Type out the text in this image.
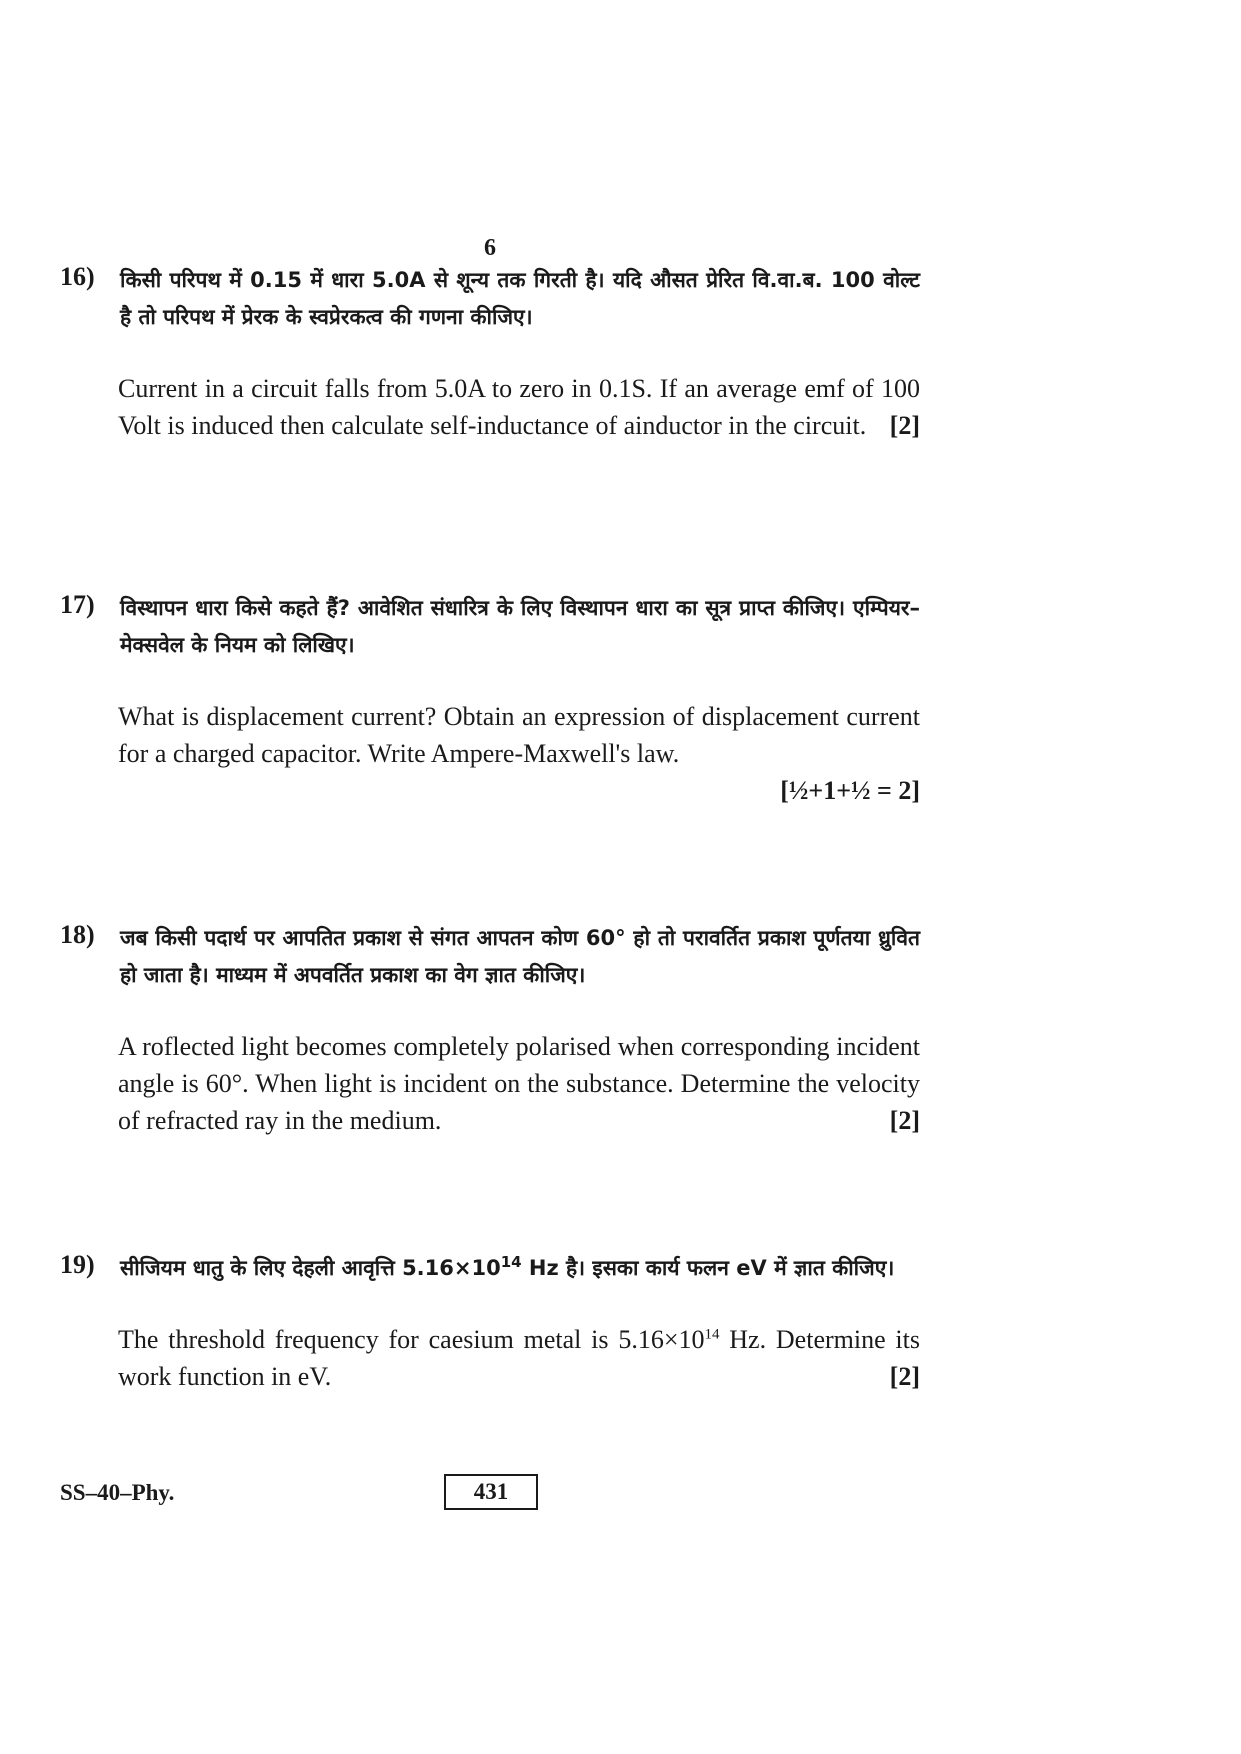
6
16) किसी परिपथ में 0.15 में धारा 5.0A से शून्य तक गिरती है। यदि औसत प्रेरित वि.वा.ब. 100 वोल्ट है तो परिपथ में प्रेरक के स्वप्रेरकत्व की गणना कीजिए।
Current in a circuit falls from 5.0A to zero in 0.1S. If an average emf of 100 Volt is induced then calculate self-inductance of ainductor in the circuit. [2]
17) विस्थापन धारा किसे कहते हैं? आवेशित संधारित्र के लिए विस्थापन धारा का सूत्र प्राप्त कीजिए। एम्पियर–मेक्सवेल के नियम को लिखिए।
What is displacement current? Obtain an expression of displacement current for a charged capacitor. Write Ampere-Maxwell's law.
[½+1+½ = 2]
18) जब किसी पदार्थ पर आपतित प्रकाश से संगत आपतन कोण 60° हो तो परावर्तित प्रकाश पूर्णतया ध्रुवित हो जाता है। माध्यम में अपवर्तित प्रकाश का वेग ज्ञात कीजिए।
A roflected light becomes completely polarised when corresponding incident angle is 60°. When light is incident on the substance. Determine the velocity of refracted ray in the medium.	[2]
19) सीजियम धातु के लिए देहली आवृत्ति $5.16\times 10^{14}$ Hz है। इसका कार्य फलन eV में ज्ञात कीजिए।
The threshold frequency for caesium metal is $5.16\times 10^{14}$ Hz. Determine its work function in eV.	[2]
SS–40–Phy.	431
